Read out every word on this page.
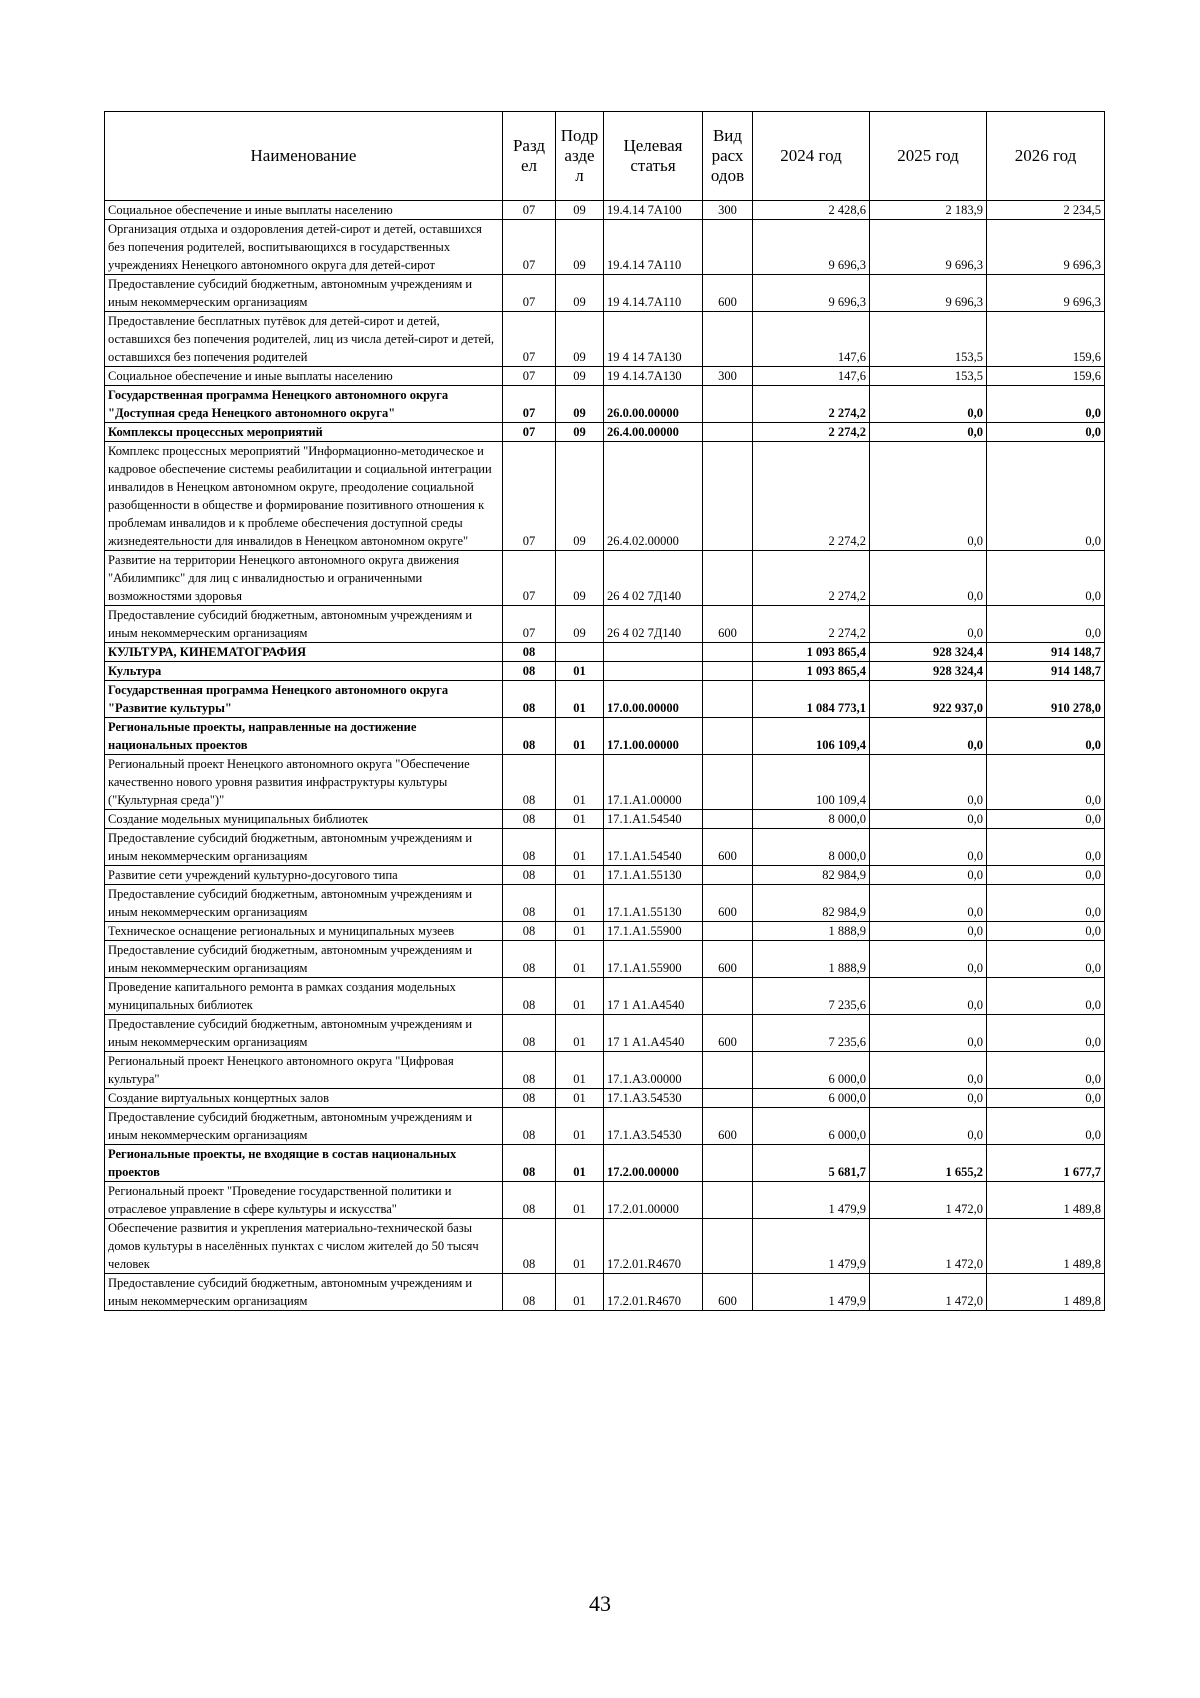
Наименование	Разд ел	Подр азде л	Целевая статья	Вид расх одов	2024 год	2025 год	2026 год
Социальное обеспечение и иные выплаты населению	07	09	19.4.14 7А100	300	2 428,6	2 183,9	2 234,5
Организация отдыха и оздоровления детей-сирот и детей, оставшихся без попечения родителей, воспитывающихся в государственных учреждениях Ненецкого автономного округа для детей-сирот	07	09	19.4.14 7А110		9 696,3	9 696,3	9 696,3
Предоставление субсидий бюджетным, автономным учреждениям и иным некоммерческим организациям	07	09	19 4.14.7А110	600	9 696,3	9 696,3	9 696,3
Предоставление бесплатных путёвок для детей-сирот и детей, оставшихся без попечения родителей, лиц из числа детей-сирот и детей, оставшихся без попечения родителей	07	09	19 4 14 7А130		147,6	153,5	159,6
Социальное обеспечение и иные выплаты населению	07	09	19 4.14.7А130	300	147,6	153,5	159,6
Государственная программа Ненецкого автономного округа "Доступная среда Ненецкого автономного округа"	07	09	26.0.00.00000		2 274,2	0,0	0,0
Комплексы процессных мероприятий	07	09	26.4.00.00000		2 274,2	0,0	0,0
Комплекс процессных мероприятий "Информационно-методическое и кадровое обеспечение системы реабилитации и социальной интеграции инвалидов в Ненецком автономном округе, преодоление социальной разобщенности в обществе и формирование позитивного отношения к проблемам инвалидов и к проблеме обеспечения доступной среды жизнедеятельности для инвалидов в Ненецком автономном округе"	07	09	26.4.02.00000		2 274,2	0,0	0,0
Развитие на территории Ненецкого автономного округа движения "Абилимпикс" для лиц с инвалидностью и ограниченными возможностями здоровья	07	09	26 4 02 7Д140		2 274,2	0,0	0,0
Предоставление субсидий бюджетным, автономным учреждениям и иным некоммерческим организациям	07	09	26 4 02 7Д140	600	2 274,2	0,0	0,0
КУЛЬТУРА, КИНЕМАТОГРАФИЯ	08				1 093 865,4	928 324,4	914 148,7
Культура	08	01			1 093 865,4	928 324,4	914 148,7
Государственная программа Ненецкого автономного округа "Развитие культуры"	08	01	17.0.00.00000		1 084 773,1	922 937,0	910 278,0
Региональные проекты, направленные на достижение национальных проектов	08	01	17.1.00.00000		106 109,4	0,0	0,0
Региональный проект Ненецкого автономного округа "Обеспечение качественно нового уровня развития инфраструктуры культуры ("Культурная среда")"	08	01	17.1.А1.00000		100 109,4	0,0	0,0
Создание модельных муниципальных библиотек	08	01	17.1.А1.54540		8 000,0	0,0	0,0
Предоставление субсидий бюджетным, автономным учреждениям и иным некоммерческим организациям	08	01	17.1.А1.54540	600	8 000,0	0,0	0,0
Развитие сети учреждений культурно-досугового типа	08	01	17.1.А1.55130		82 984,9	0,0	0,0
Предоставление субсидий бюджетным, автономным учреждениям и иным некоммерческим организациям	08	01	17.1.А1.55130	600	82 984,9	0,0	0,0
Техническое оснащение региональных и муниципальных музеев	08	01	17.1.А1.55900		1 888,9	0,0	0,0
Предоставление субсидий бюджетным, автономным учреждениям и иным некоммерческим организациям	08	01	17.1.А1.55900	600	1 888,9	0,0	0,0
Проведение капитального ремонта в рамках создания модельных муниципальных библиотек	08	01	17 1 А1.А4540		7 235,6	0,0	0,0
Предоставление субсидий бюджетным, автономным учреждениям и иным некоммерческим организациям	08	01	17 1 А1.А4540	600	7 235,6	0,0	0,0
Региональный проект Ненецкого автономного округа "Цифровая культура"	08	01	17.1.А3.00000		6 000,0	0,0	0,0
Создание виртуальных концертных залов	08	01	17.1.А3.54530		6 000,0	0,0	0,0
Предоставление субсидий бюджетным, автономным учреждениям и иным некоммерческим организациям	08	01	17.1.А3.54530	600	6 000,0	0,0	0,0
Региональные проекты, не входящие в состав национальных проектов	08	01	17.2.00.00000		5 681,7	1 655,2	1 677,7
Региональный проект "Проведение государственной политики и отраслевое управление в сфере культуры и искусства"	08	01	17.2.01.00000		1 479,9	1 472,0	1 489,8
Обеспечение развития и укрепления материально-технической базы домов культуры в населённых пунктах с числом жителей до 50 тысяч человек	08	01	17.2.01.R4670		1 479,9	1 472,0	1 489,8
Предоставление субсидий бюджетным, автономным учреждениям и иным некоммерческим организациям	08	01	17.2.01.R4670	600	1 479,9	1 472,0	1 489,8
43
